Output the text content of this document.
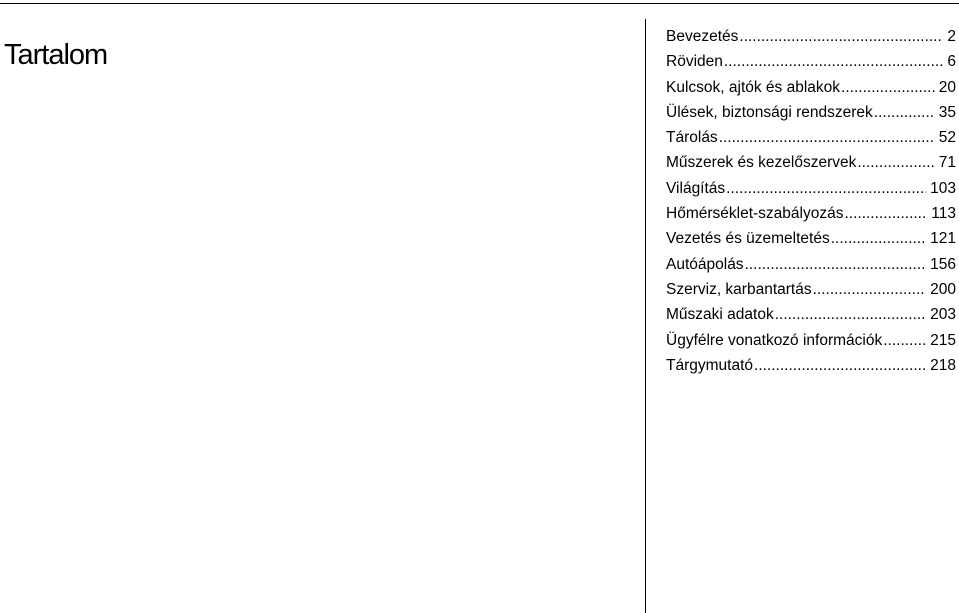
Tartalom
Bevezetés .....	2
Röviden .....	6
Kulcsok, ajtók és ablakok .....	20
Ülések, biztonsági rendszerek .....	35
Tárolás .....	52
Műszerek és kezelőszervek .....	71
Világítás .....	103
Hőmérséklet-szabályozás .....	113
Vezetés és üzemeltetés .....	121
Autóápolás .....	156
Szerviz, karbantartás .....	200
Műszaki adatok .....	203
Ügyfélre vonatkozó információk .....	215
Tárgymutató .....	218
